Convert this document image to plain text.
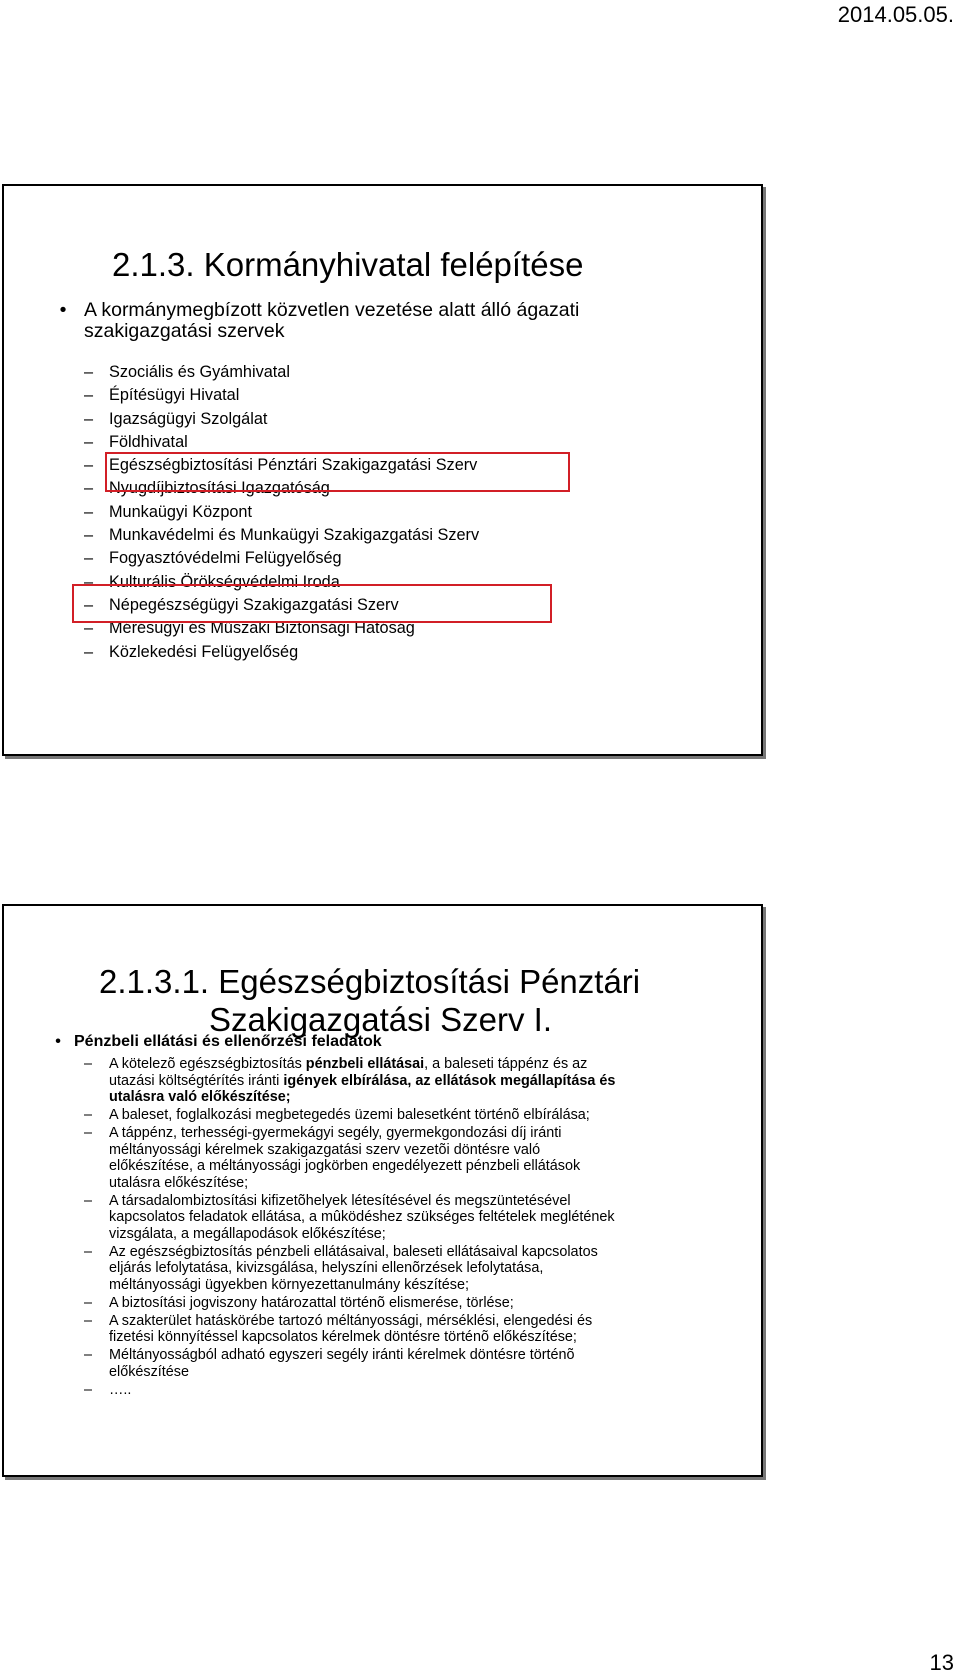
2014.05.05.
2.1.3. Kormányhivatal felépítése
• A kormánymegbízott közvetlen vezetése alatt álló ágazati
szakigazgatási szervek
– Szociális és Gyámhivatal
– Építésügyi Hivatal
– Igazságügyi Szolgálat
– Földhivatal
– Egészségbiztosítási Pénztári Szakigazgatási Szerv
– Nyugdíjbiztosítási Igazgatóság
– Munkaügyi Központ
– Munkavédelmi és Munkaügyi Szakigazgatási Szerv
– Fogyasztóvédelmi Felügyelőség
– Kulturális Örökségvédelmi Iroda
– Népegészségügyi Szakigazgatási Szerv
– Mérésügyi és Műszaki Biztonsági Hatóság
– Közlekedési Felügyelőség
2.1.3.1. Egészségbiztosítási Pénztári
Szakigazgatási Szerv I.
• Pénzbeli ellátási és ellenőrzési feladatok
–	A kötelezõ egészségbiztosítás pénzbeli ellátásai, a baleseti táppénz és az
utazási költségtérítés iránti igények elbírálása, az ellátások megállapítása és
utalásra való előkészítése;
–	A baleset, foglalkozási megbetegedés üzemi balesetként történõ elbírálása;
–	A táppénz, terhességi-gyermekágyi segély, gyermekgondozási díj iránti
méltányossági kérelmek szakigazgatási szerv vezetõi döntésre való
előkészítése, a méltányossági jogkörben engedélyezett pénzbeli ellátások
utalásra előkészítése;
–	A társadalombiztosítási kifizetõhelyek létesítésével és megszüntetésével
kapcsolatos feladatok ellátása, a mûködéshez szükséges feltételek meglétének
vizsgálata, a megállapodások előkészítése;
–	Az egészségbiztosítás pénzbeli ellátásaival, baleseti ellátásaival kapcsolatos
eljárás lefolytatása, kivizsgálása, helyszíni ellenõrzések lefolytatása,
méltányossági ügyekben környezettanulmány készítése;
–	A biztosítási jogviszony határozattal történõ elismerése, törlése;
–	A szakterület hatáskörébe tartozó méltányossági, mérséklési, elengedési és
fizetési könnyítéssel kapcsolatos kérelmek döntésre történõ előkészítése;
–	Méltányosságból adható egyszeri segély iránti kérelmek döntésre történõ
előkészítése
–	…..
13
